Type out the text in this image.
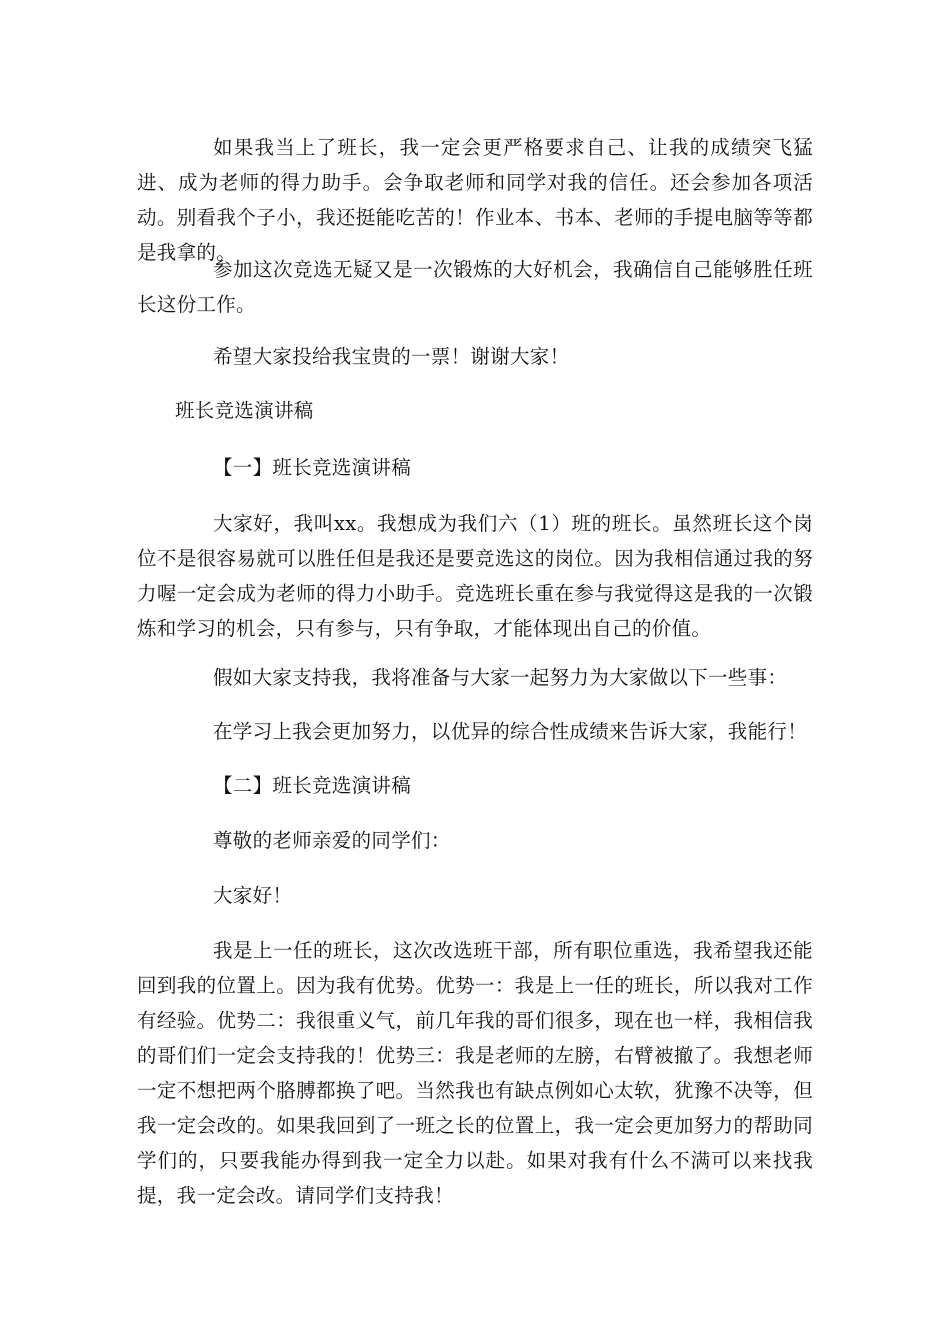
如果我当上了班长，我一定会更严格要求自己、让我的成绩突飞猛进、成为老师的得力助手。会争取老师和同学对我的信任。还会参加各项活动。别看我个子小，我还挺能吃苦的！作业本、书本、老师的手提电脑等等都是我拿的。

参加这次竞选无疑又是一次锻炼的大好机会，我确信自己能够胜任班长这份工作。

希望大家投给我宝贵的一票！谢谢大家！

班长竞选演讲稿

【一】班长竞选演讲稿

大家好，我叫xx。我想成为我们六（1）班的班长。虽然班长这个岗位不是很容易就可以胜任但是我还是要竞选这的岗位。因为我相信通过我的努力喔一定会成为老师的得力小助手。竞选班长重在参与我觉得这是我的一次锻炼和学习的机会，只有参与，只有争取，才能体现出自己的价值。

假如大家支持我，我将准备与大家一起努力为大家做以下一些事：

在学习上我会更加努力，以优异的综合性成绩来告诉大家，我能行！

【二】班长竞选演讲稿

尊敬的老师亲爱的同学们：

大家好！

我是上一任的班长，这次改选班干部，所有职位重选，我希望我还能回到我的位置上。因为我有优势。优势一：我是上一任的班长，所以我对工作有经验。优势二：我很重义气，前几年我的哥们很多，现在也一样，我相信我的哥们们一定会支持我的！优势三：我是老师的左膀，右臂被撤了。我想老师一定不想把两个胳膊都换了吧。当然我也有缺点例如心太软，犹豫不决等，但我一定会改的。如果我回到了一班之长的位置上，我一定会更加努力的帮助同学们的，只要我能办得到我一定全力以赴。如果对我有什么不满可以来找我提，我一定会改。请同学们支持我！
